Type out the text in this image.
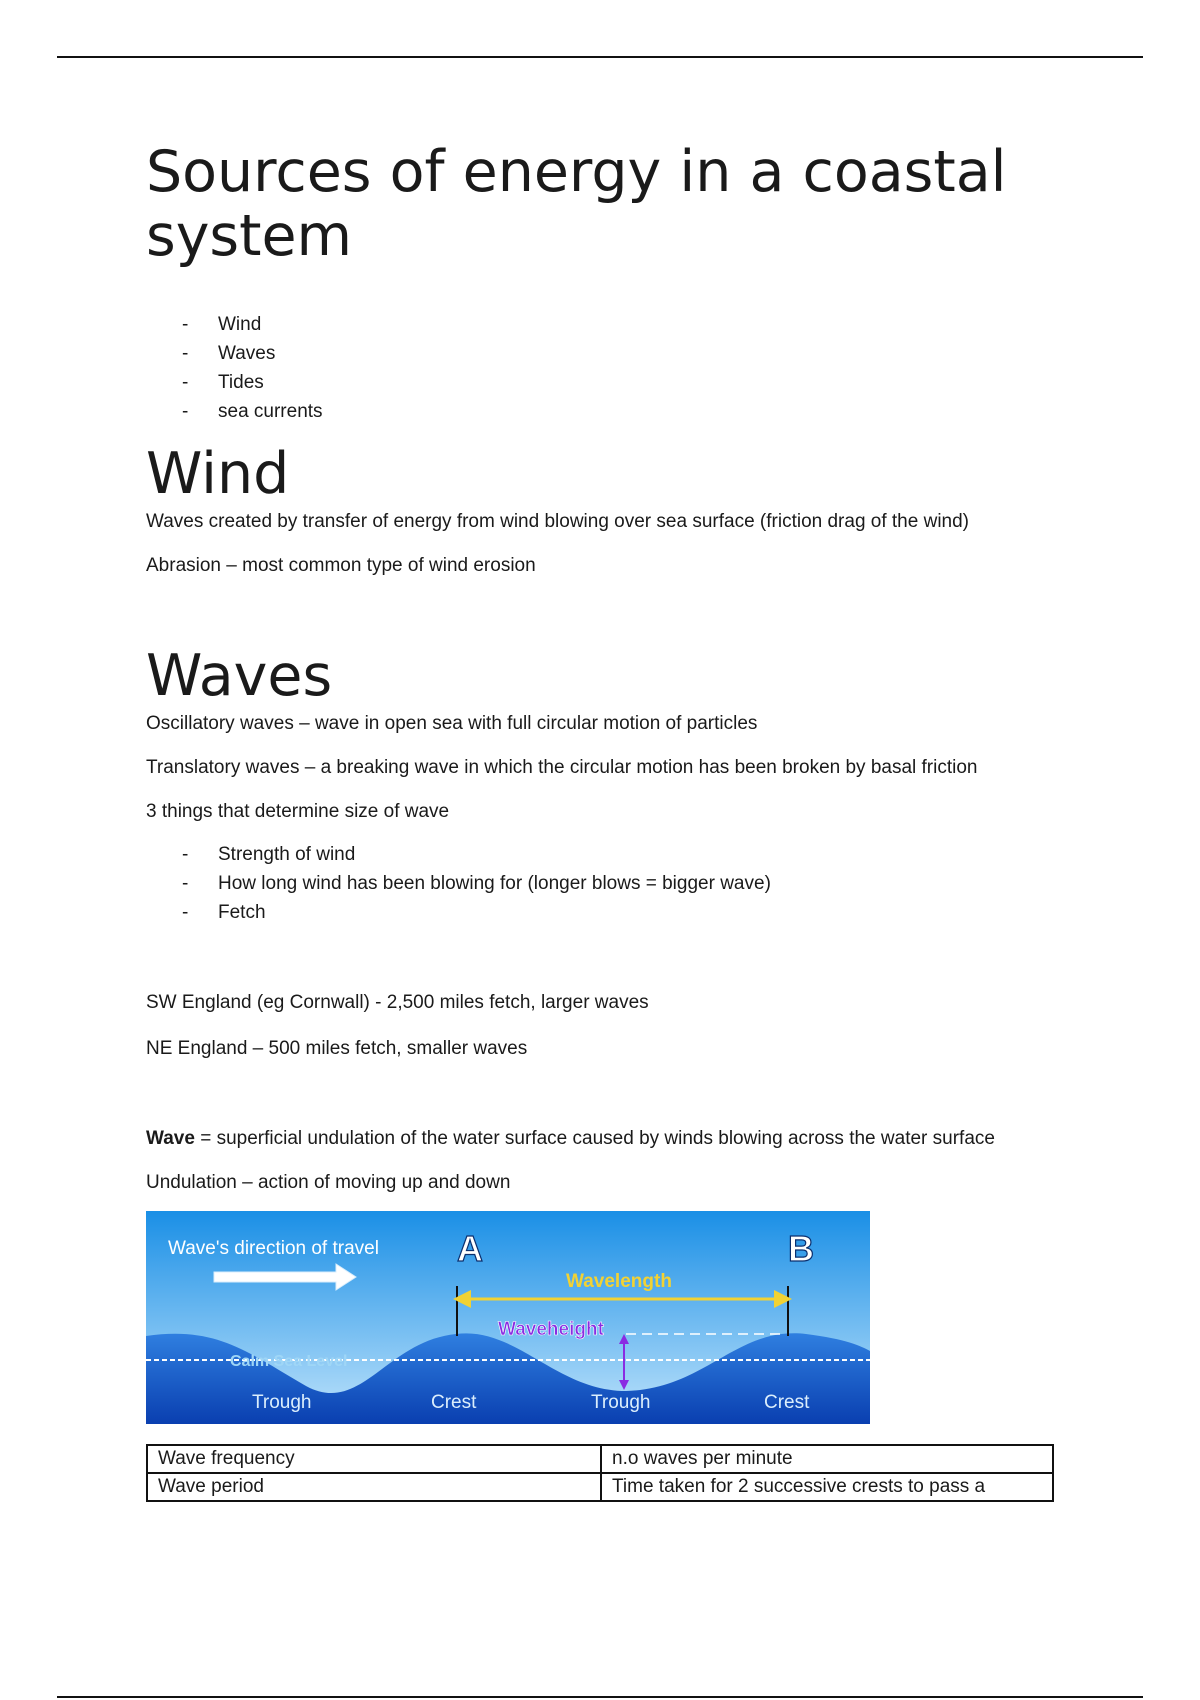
Sources of energy in a coastal system
- Wind
- Waves
- Tides
- sea currents
Wind

Waves created by transfer of energy from wind blowing over sea surface (friction drag of the wind)

Abrasion – most common type of wind erosion

Waves

Oscillatory waves – wave in open sea with full circular motion of particles

Translatory waves – a breaking wave in which the circular motion has been broken by basal friction

3 things that determine size of wave

- Strength of wind
- How long wind has been blowing for (longer blows = bigger wave)
- Fetch

SW England (eg Cornwall) - 2,500 miles fetch, larger waves

NE England – 500 miles fetch, smaller waves

Wave = superficial undulation of the water surface caused by winds blowing across the water surface

Undulation – action of moving up and down

Wave's direction of travel A	B
Wavelength
Waveheight
Calm Sea Level
Trough	Crest	Trough	Crest
Wave frequency	n.o waves per minute
Wave period	Time taken for 2 successive crests to pass a
